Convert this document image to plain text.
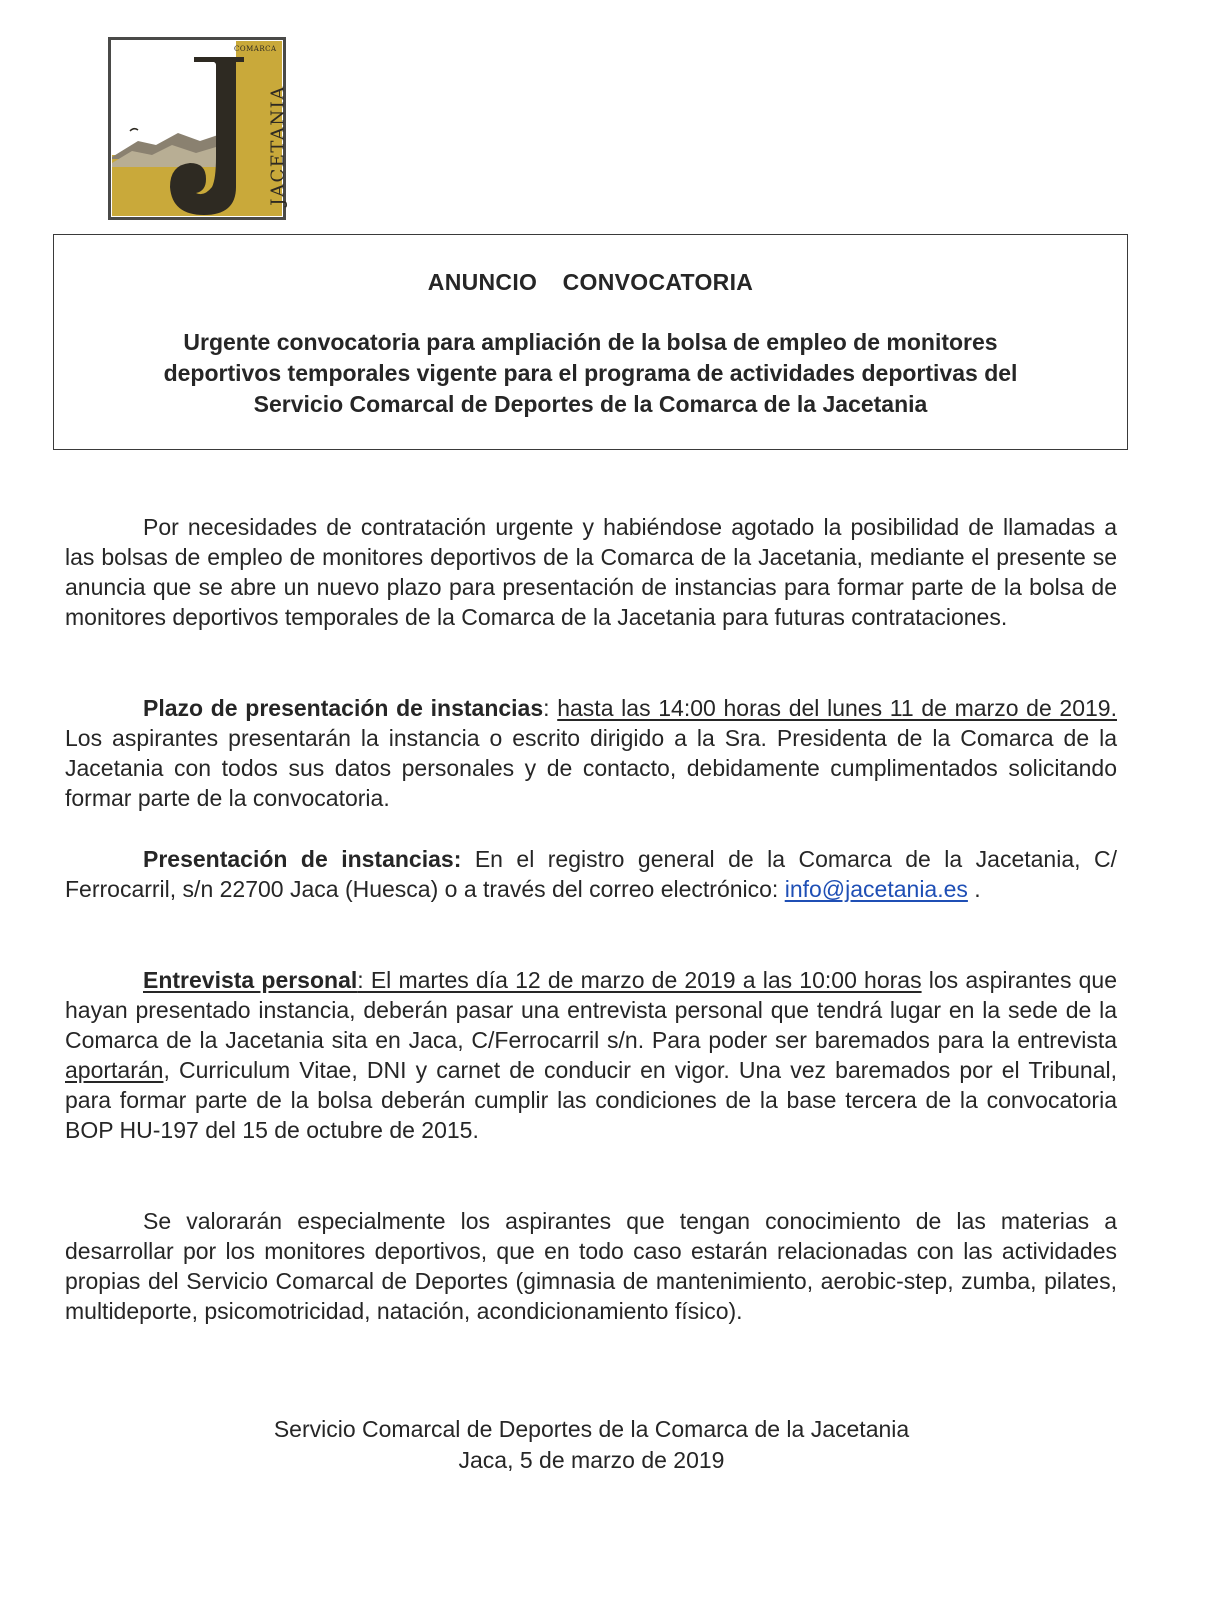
COMARCA
JACETANIA
ANUNCIO  CONVOCATORIA
Urgente convocatoria para ampliación de la bolsa de empleo de monitores
deportivos temporales vigente para el programa de actividades deportivas del
Servicio Comarcal de Deportes de la Comarca de la Jacetania

Por necesidades de contratación urgente y habiéndose agotado la posibilidad de llamadas a las bolsas de empleo de monitores deportivos de la Comarca de la Jacetania, mediante el presente se anuncia que se abre un nuevo plazo para presentación de instancias para formar parte de la bolsa de monitores deportivos temporales de la Comarca de la Jacetania para futuras contrataciones.

Plazo de presentación de instancias: hasta las 14:00 horas del lunes 11 de marzo de 2019. Los aspirantes presentarán la instancia o escrito dirigido a la Sra. Presidenta de la Comarca de la Jacetania con todos sus datos personales y de contacto, debidamente cumplimentados solicitando formar parte de la convocatoria.

Presentación de instancias: En el registro general de la Comarca de la Jacetania, C/ Ferrocarril, s/n 22700 Jaca (Huesca) o a través del correo electrónico: info@jacetania.es .

Entrevista personal: El martes día 12 de marzo de 2019 a las 10:00 horas los aspirantes que hayan presentado instancia, deberán pasar una entrevista personal que tendrá lugar en la sede de la Comarca de la Jacetania sita en Jaca, C/Ferrocarril s/n. Para poder ser baremados para la entrevista aportarán, Curriculum Vitae, DNI y carnet de conducir en vigor. Una vez baremados por el Tribunal, para formar parte de la bolsa deberán cumplir las condiciones de la base tercera de la convocatoria BOP HU-197 del 15 de octubre de 2015.

Se valorarán especialmente los aspirantes que tengan conocimiento de las materias a desarrollar por los monitores deportivos, que en todo caso estarán relacionadas con las actividades propias del Servicio Comarcal de Deportes (gimnasia de mantenimiento, aerobic-step, zumba, pilates, multideporte, psicomotricidad, natación, acondicionamiento físico).

Servicio Comarcal de Deportes de la Comarca de la Jacetania
Jaca, 5 de marzo de 2019
